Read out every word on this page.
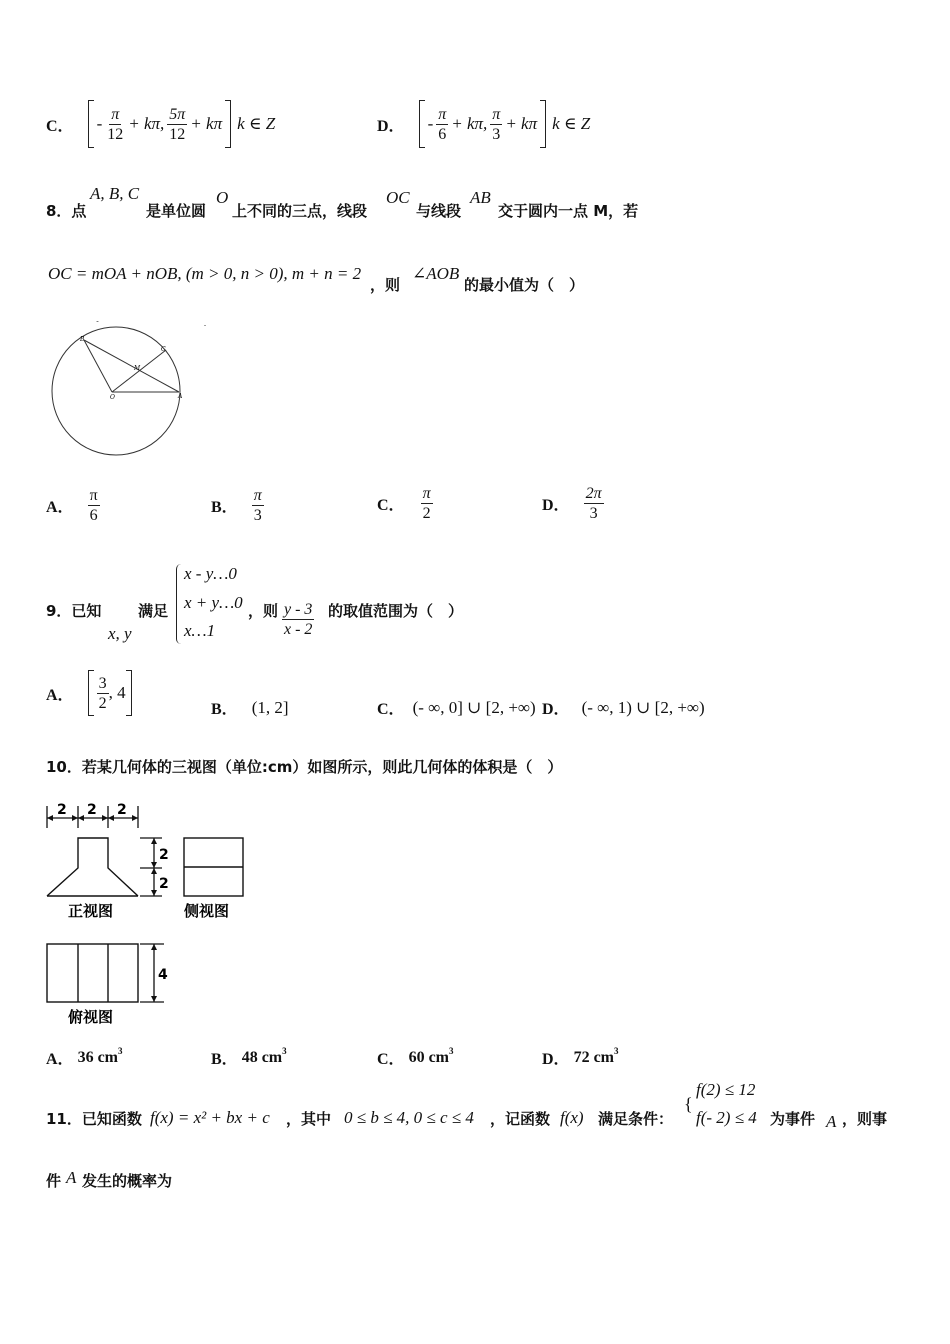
C． - $\frac{\pi}{12} + k\pi$, $\frac{5\pi}{12} + k\pi$ k ∈ Z	D． - $\frac{\pi}{6} + k\pi$, $\frac{\pi}{3} + k\pi$ k ∈ Z
8．点
A, B, C
是单位圆
O
上不同的三点，线段
OC
与线段
AB
交于圆内一点 M，若
OC = mOA + nOB, (m > 0, n > 0), m + n = 2
，则
∠AOB
的最小值为（　）
B
C
M
O	A
˘	-
A． $\frac{\pi}{6}$	B． $\frac{\pi}{3}$	C． $\frac{\pi}{2}$	D． $\frac{2\pi}{3}$
9．已知
x, y
满足
x - y…0
x + y…0
x…1
，则 $\frac{y - 3}{x - 2}$ 的取值范围为（　）
A． $\frac{3}{2}$ , 4
B． (1, 2]	C． (- ∞, 0] ∪ [2, +∞) D． (- ∞, 1) ∪ [2, +∞)
10．若某几何体的三视图（单位:cm）如图所示，则此几何体的体积是（　）
2 2 2
2
2
正视图	侧视图
4
俯视图
A． 36 $cm^3$	B． 48 $cm^3$	C． 60 $cm^3$	D． 72 $cm^3$
11．已知函数 f(x) = x² + bx + c ，其中 0 ≤ b ≤ 4, 0 ≤ c ≤ 4 ，记函数 f(x) 满足条件：
{
f(2) ≤ 12
f(- 2) ≤ 4 为事件 A ，则事
件 A 发生的概率为
